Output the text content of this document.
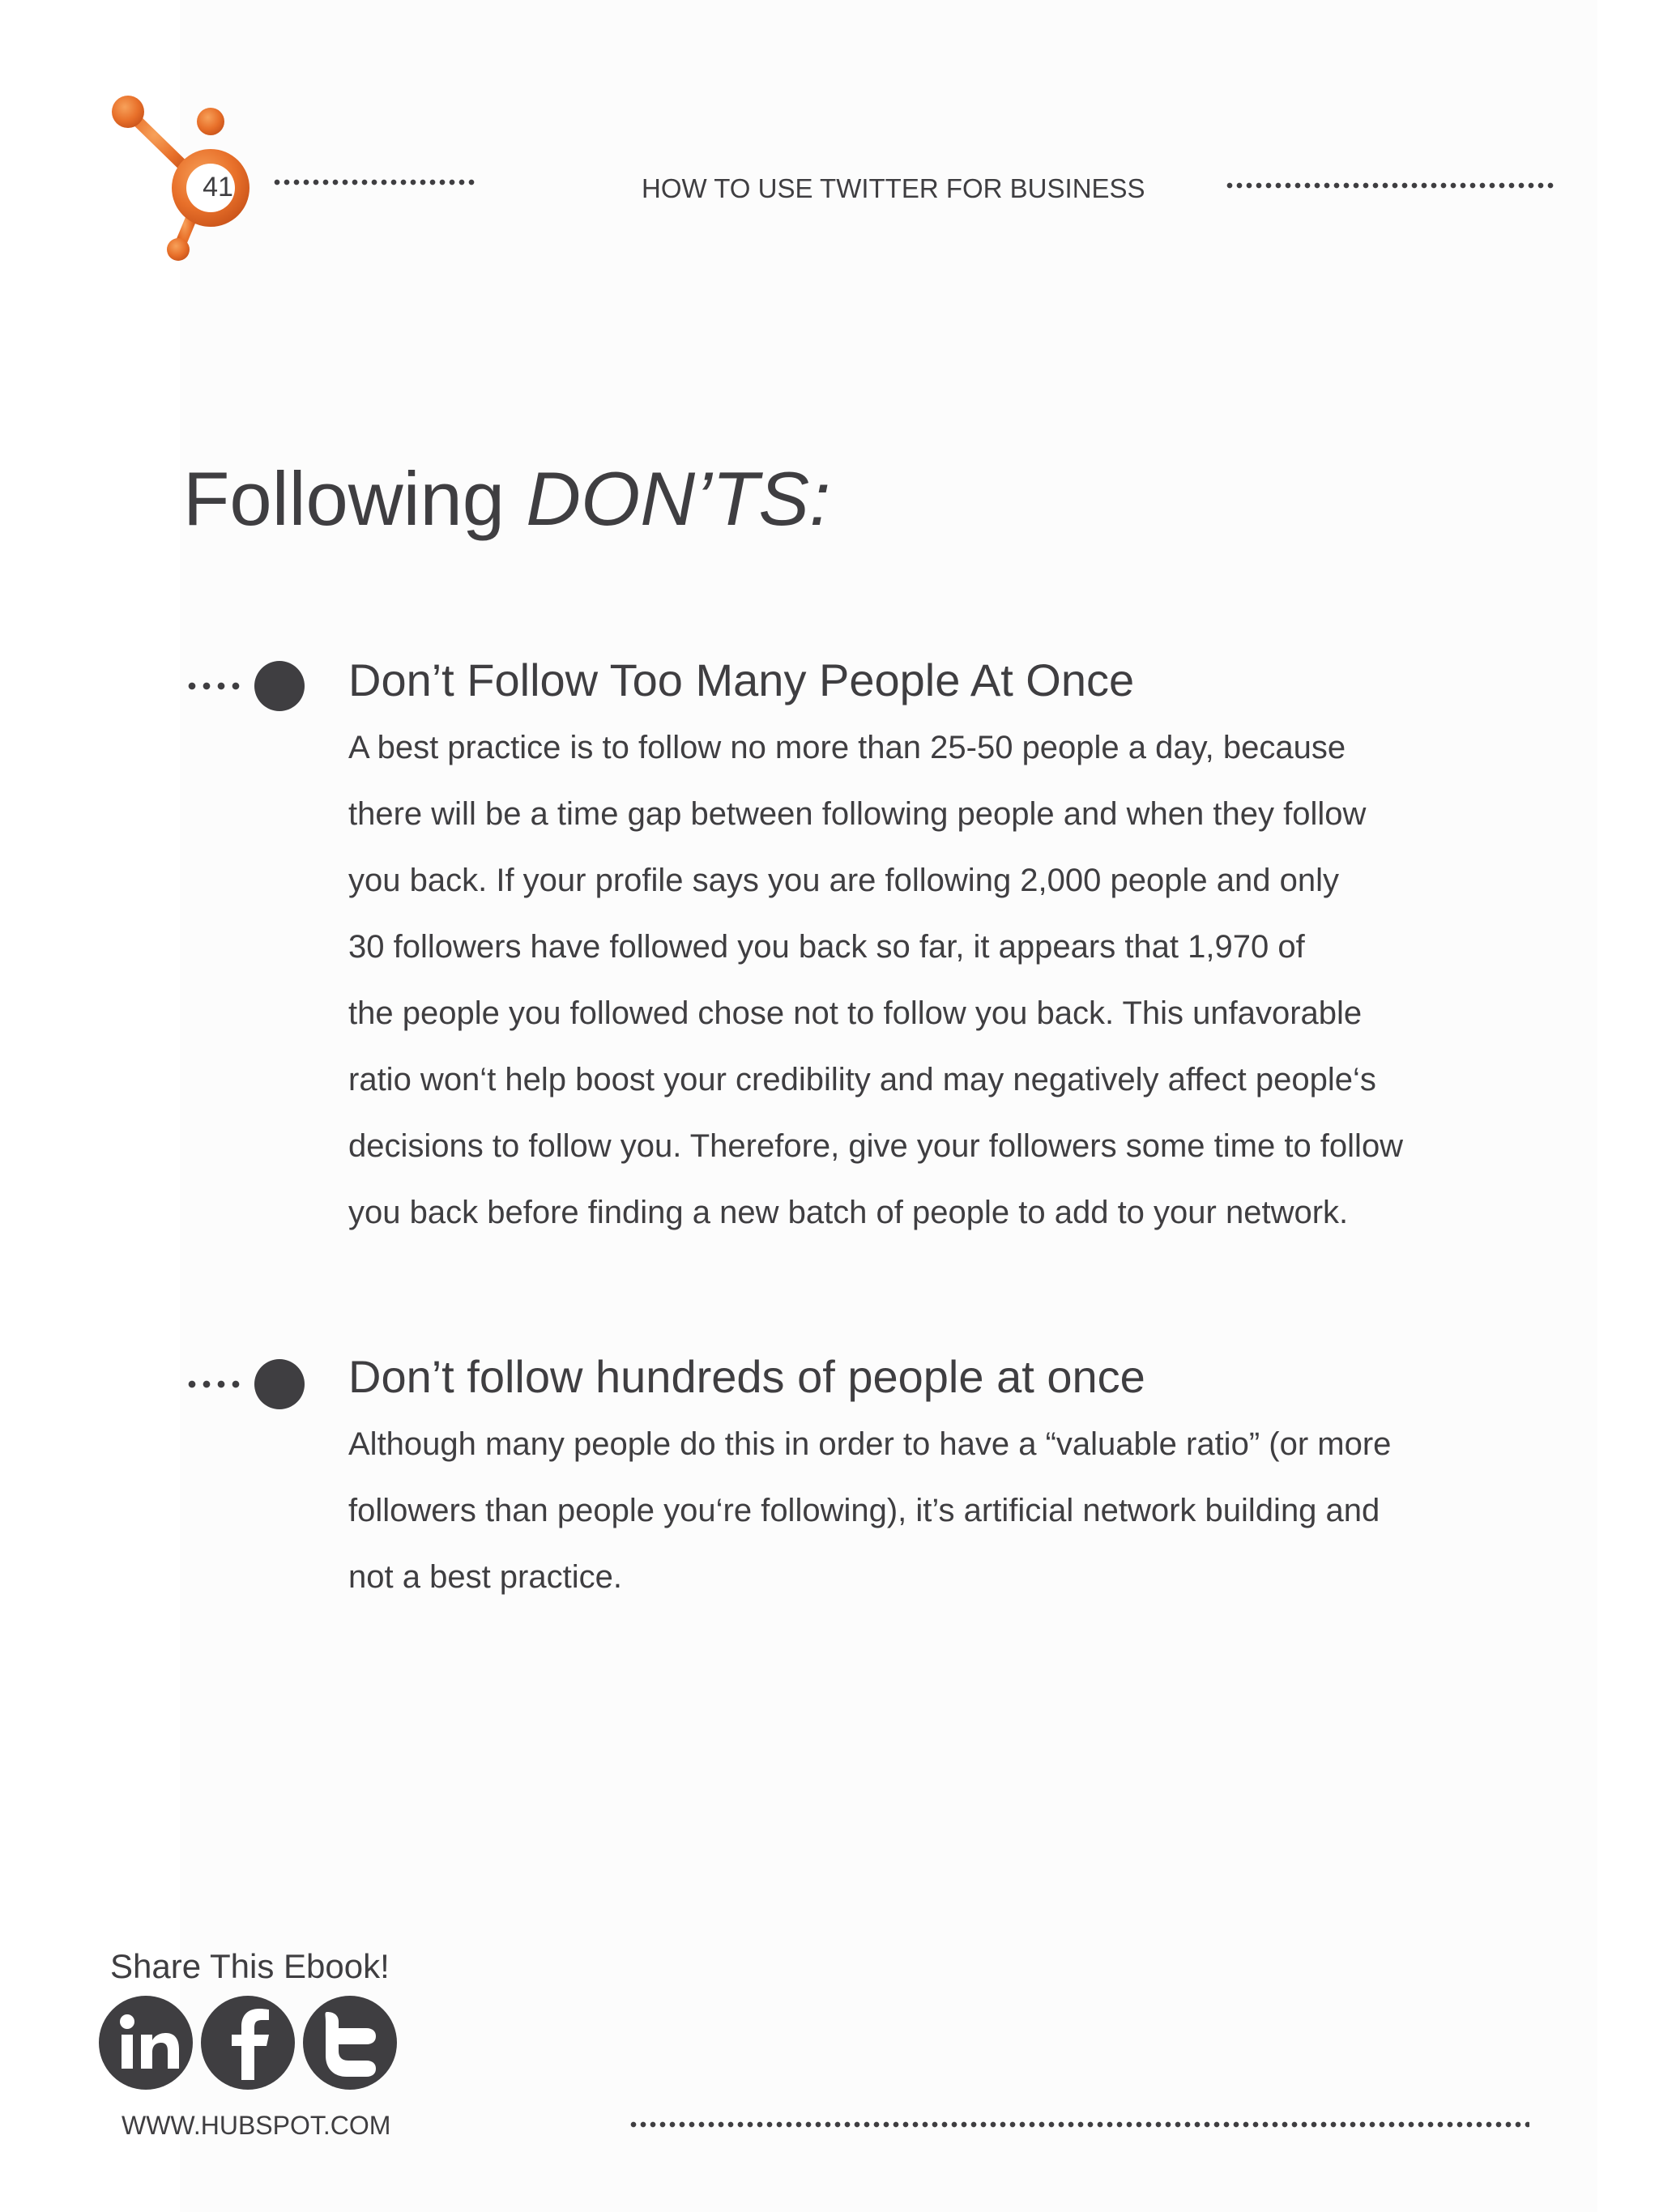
41	HOW TO USE TWITTER FOR BUSINESS
Following DON’TS:
Don’t Follow Too Many People At Once
A best practice is to follow no more than 25-50 people a day, because
there will be a time gap between following people and when they follow
you back. If your profile says you are following 2,000 people and only
30 followers have followed you back so far, it appears that 1,970 of
the people you followed chose not to follow you back. This unfavorable
ratio won‘t help boost your credibility and may negatively affect people‘s
decisions to follow you. Therefore, give your followers some time to follow
you back before finding a new batch of people to add to your network.
Don’t follow hundreds of people at once
Although many people do this in order to have a “valuable ratio” (or more
followers than people you‘re following), it’s artificial network building and
not a best practice.
Share This Ebook!
WWW.HUBSPOT.COM
